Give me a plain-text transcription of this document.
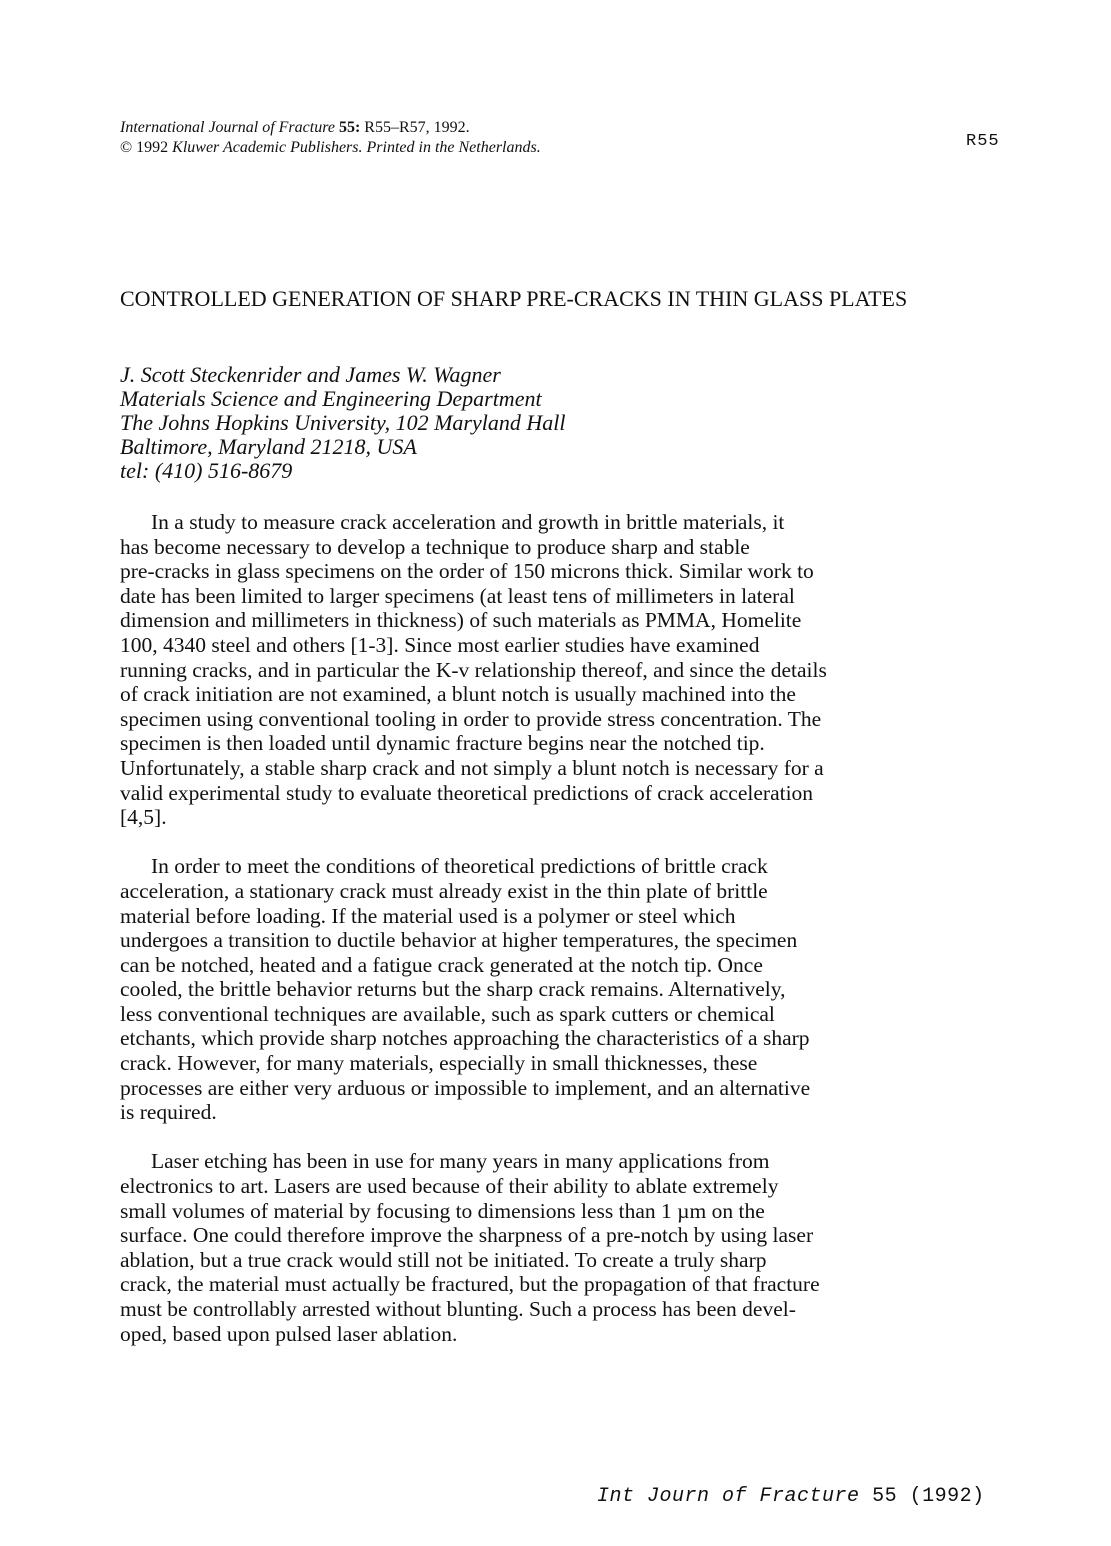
International Journal of Fracture 55: R55–R57, 1992.
© 1992 Kluwer Academic Publishers. Printed in the Netherlands.	R55
CONTROLLED GENERATION OF SHARP PRE-CRACKS IN THIN GLASS PLATES
J. Scott Steckenrider and James W. Wagner
Materials Science and Engineering Department
The Johns Hopkins University, 102 Maryland Hall
Baltimore, Maryland 21218, USA
tel: (410) 516-8679

In a study to measure crack acceleration and growth in brittle materials, it
has become necessary to develop a technique to produce sharp and stable
pre-cracks in glass specimens on the order of 150 microns thick. Similar work to
date has been limited to larger specimens (at least tens of millimeters in lateral
dimension and millimeters in thickness) of such materials as PMMA, Homelite
100, 4340 steel and others [1-3]. Since most earlier studies have examined
running cracks, and in particular the K-v relationship thereof, and since the details
of crack initiation are not examined, a blunt notch is usually machined into the
specimen using conventional tooling in order to provide stress concentration. The
specimen is then loaded until dynamic fracture begins near the notched tip.
Unfortunately, a stable sharp crack and not simply a blunt notch is necessary for a
valid experimental study to evaluate theoretical predictions of crack acceleration
[4,5].

In order to meet the conditions of theoretical predictions of brittle crack
acceleration, a stationary crack must already exist in the thin plate of brittle
material before loading. If the material used is a polymer or steel which
undergoes a transition to ductile behavior at higher temperatures, the specimen
can be notched, heated and a fatigue crack generated at the notch tip. Once
cooled, the brittle behavior returns but the sharp crack remains. Alternatively,
less conventional techniques are available, such as spark cutters or chemical
etchants, which provide sharp notches approaching the characteristics of a sharp
crack. However, for many materials, especially in small thicknesses, these
processes are either very arduous or impossible to implement, and an alternative
is required.

Laser etching has been in use for many years in many applications from
electronics to art. Lasers are used because of their ability to ablate extremely
small volumes of material by focusing to dimensions less than 1 µm on the
surface. One could therefore improve the sharpness of a pre-notch by using laser
ablation, but a true crack would still not be initiated. To create a truly sharp
crack, the material must actually be fractured, but the propagation of that fracture
must be controllably arrested without blunting. Such a process has been devel-
oped, based upon pulsed laser ablation.

Int Journ of Fracture 55 (1992)
